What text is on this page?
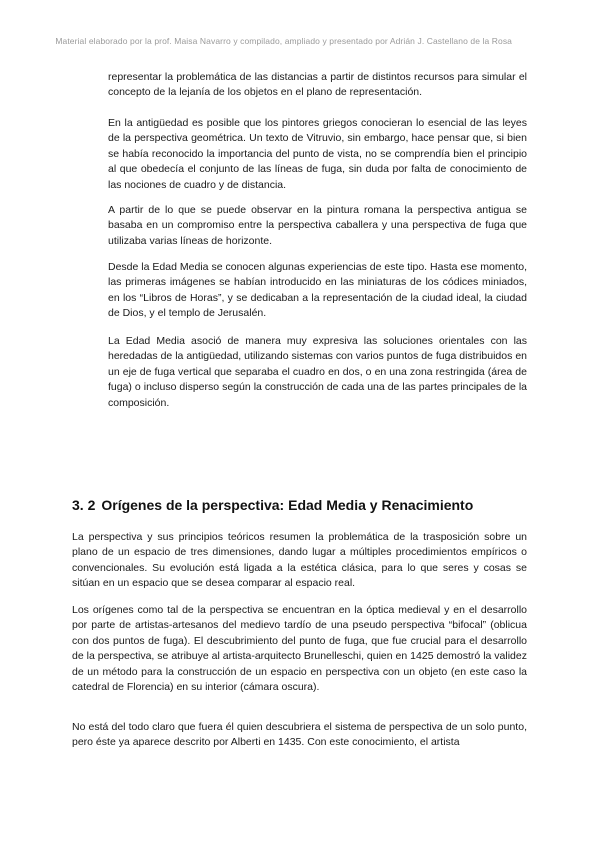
Material elaborado por la prof. Maisa Navarro y compilado, ampliado y presentado por Adrián J. Castellano de la Rosa

representar la problemática de las distancias a partir de distintos recursos para simular el concepto de la lejanía de los objetos en el plano de representación.

En la antigüedad es posible que los pintores griegos conocieran lo esencial de las leyes de la perspectiva geométrica. Un texto de Vitruvio, sin embargo, hace pensar que, si bien se había reconocido la importancia del punto de vista, no se comprendía bien el principio al que obedecía el conjunto de las líneas de fuga, sin duda por falta de conocimiento de las nociones de cuadro y de distancia.

A partir de lo que se puede observar en la pintura romana la perspectiva antigua se basaba en un compromiso entre la perspectiva caballera y una perspectiva de fuga que utilizaba varias líneas de horizonte.

Desde la Edad Media se conocen algunas experiencias de este tipo. Hasta ese momento, las primeras imágenes se habían introducido en las miniaturas de los códices miniados, en los “Libros de Horas”, y se dedicaban a la representación de la ciudad ideal, la ciudad de Dios, y el templo de Jerusalén.

La Edad Media asoció de manera muy expresiva las soluciones orientales con las heredadas de la antigüedad, utilizando sistemas con varios puntos de fuga distribuidos en un eje de fuga vertical que separaba el cuadro en dos, o en una zona restringida (área de fuga) o incluso disperso según la construcción de cada una de las partes principales de la composición.

3. 2 Orígenes de la perspectiva: Edad Media y Renacimiento

La perspectiva y sus principios teóricos resumen la problemática de la trasposición sobre un plano de un espacio de tres dimensiones, dando lugar a múltiples procedimientos empíricos o convencionales. Su evolución está ligada a la estética clásica, para lo que seres y cosas se sitúan en un espacio que se desea comparar al espacio real.

Los orígenes como tal de la perspectiva se encuentran en la óptica medieval y en el desarrollo por parte de artistas-artesanos del medievo tardío de una pseudo perspectiva “bifocal” (oblicua con dos puntos de fuga). El descubrimiento del punto de fuga, que fue crucial para el desarrollo de la perspectiva, se atribuye al artista-arquitecto Brunelleschi, quien en 1425 demostró la validez de un método para la construcción de un espacio en perspectiva con un objeto (en este caso la catedral de Florencia) en su interior (cámara oscura).

No está del todo claro que fuera él quien descubriera el sistema de perspectiva de un solo punto, pero éste ya aparece descrito por Alberti en 1435. Con este conocimiento, el artista
